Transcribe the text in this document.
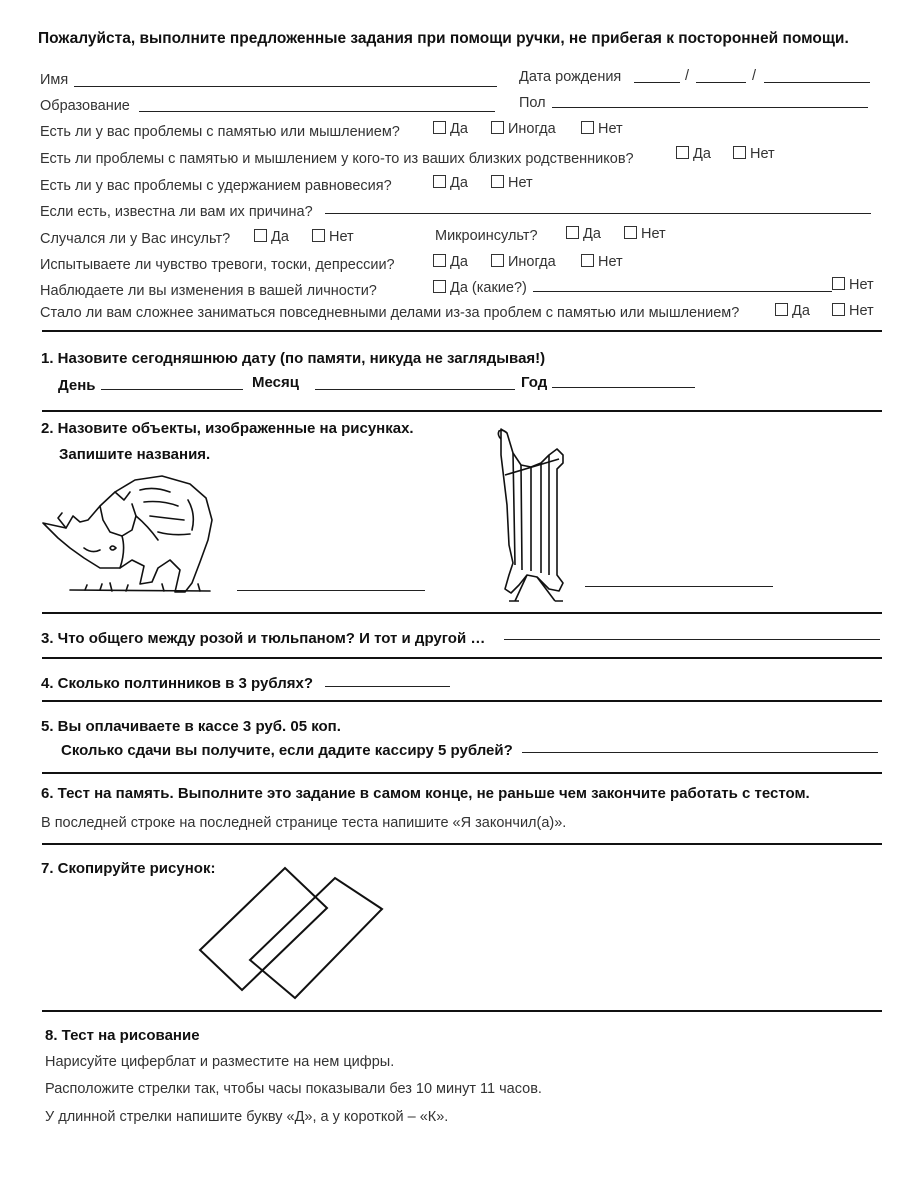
Пожалуйста, выполните предложенные задания при помощи ручки, не прибегая к посторонней помощи.
Имя	Дата рождения	/	/
Образование	Пол
Есть ли у вас проблемы с памятью или мышлением?	Да	Иногда	Нет
Есть ли проблемы с памятью и мышлением у кого-то из ваших близких родственников?	Да	Нет
Есть ли у вас проблемы с удержанием равновесия?	Да	Нет
Если есть, известна ли вам их причина?
Случался ли у Вас инсульт?	Да	Нет	Микроинсульт?	Да	Нет
Испытываете ли чувство тревоги, тоски, депрессии?	Да	Иногда	Нет
Наблюдаете ли вы изменения в вашей личности?	Да (какие?)	Нет
Стало ли вам сложнее заниматься повседневными делами из-за проблем с памятью или мышлением?	Да	Нет
1. Назовите сегодняшнюю дату (по памяти, никуда не заглядывая!)
День	Месяц	Год
2. Назовите объекты, изображенные на рисунках.
Запишите названия.
3. Что общего между розой и тюльпаном? И тот и другой …
4. Сколько полтинников в 3 рублях?
5. Вы оплачиваете в кассе 3 руб. 05 коп.
Сколько сдачи вы получите, если дадите кассиру 5 рублей?
6. Тест на память. Выполните это задание в самом конце, не раньше чем закончите работать с тестом.
В последней строке на последней странице теста напишите «Я закончил(а)».
7. Скопируйте рисунок:
8. Тест на рисование
Нарисуйте циферблат и разместите на нем цифры.
Расположите стрелки так, чтобы часы показывали без 10 минут 11 часов.
У длинной стрелки напишите букву «Д», а у короткой – «К».
